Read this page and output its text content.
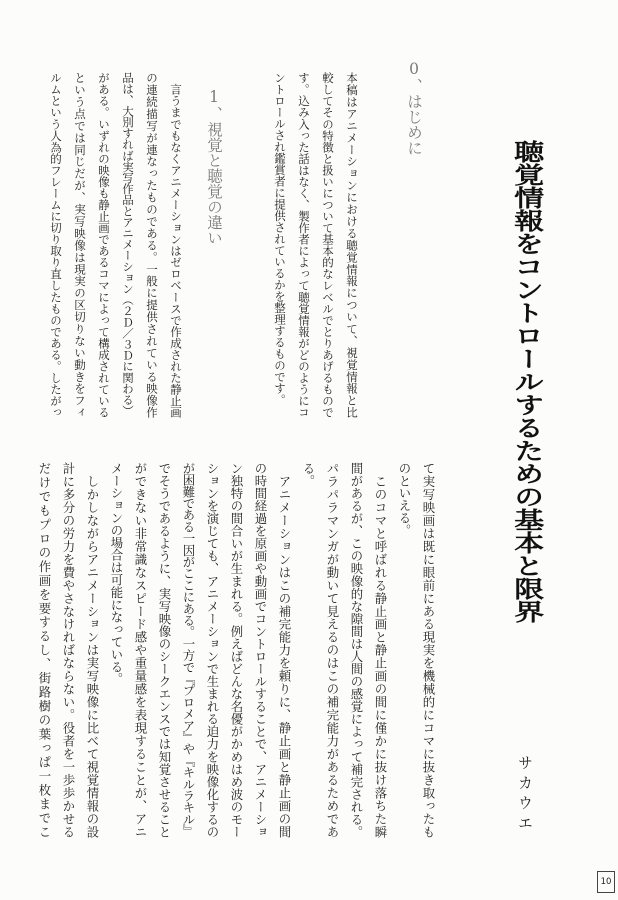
聴覚情報をコントロールするための基本と限界
サカウエ
0、はじめに
本稿はアニメーションにおける聴覚情報について、視覚情報と比
較してその特徴と扱いについて基本的なレベルでとりあげるもので
す。込み入った話はなく、製作者によって聴覚情報がどのようにコ
ントロールされ鑑賞者に提供されているかを整理するものです。
1、視覚と聴覚の違い
　言うまでもなくアニメーションはゼロベースで作成された静止画
の連続描写が連なったものである。一般に提供されている映像作
品は、大別すれば実写作品とアニメーション（２Ｄ／３Ｄに関わる）
がある。いずれの映像も静止画であるコマによって構成されている
という点では同じだが、実写映像は現実の区切りない動きをフィ
ルムという人為的フレームに切り取り直したものである。したがっ
て実写映画は既に眼前にある現実を機械的にコマに抜き取ったも
のといえる。
　このコマと呼ばれる静止画と静止画の間に僅かに抜け落ちた瞬
間があるが、この映像的な隙間は人間の感覚によって補完される。
パラパラマンガが動いて見えるのはこの補完能力があるためであ
る。
　アニメーションはこの補完能力を頼りに、静止画と静止画の間
の時間経過を原画や動画でコントロールすることで、アニメーショ
ン独特の間合いが生まれる。例えばどんな名優がかめはめ波のモー
ションを演じても、アニメーションで生まれる迫力を映像化するの
が困難である一因がここにある。一方で『プロメア』や『キルラキル』
でそうであるように、実写映像のシークエンスでは知覚させること
ができない非常識なスピード感や重量感を表現することが、アニ
メーションの場合は可能になっている。
　しかしながらアニメーションは実写映像に比べて視覚情報の設
計に多分の労力を費やさなければならない。役者を一歩歩かせる
だけでもプロの作画を要するし、街路樹の葉っぱ一枚までこ
10
